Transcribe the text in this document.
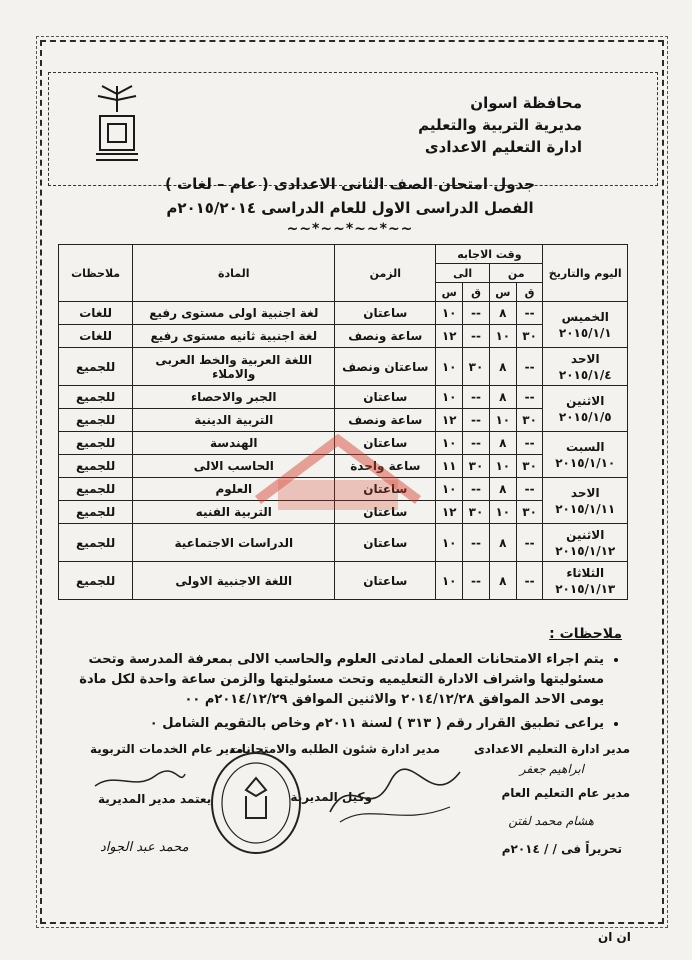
محافظة اسوان
مديرية التربية والتعليم
ادارة التعليم الاعدادى
جدول امتحان الصف الثانى الاعدادى ( عام – لغات )
الفصل الدراسى الاول للعام الدراسى ٢٠١٥/٢٠١٤م
~~*~~*~~*~~
اليوم والتاريخ	وقت الاجابه				الزمن	المادة	ملاحظات
	من		الى				
	ق	س	ق	س			

الخميس
٢٠١٥/١/١	--	٨	--	١٠	ساعتان	لغة اجنبية اولى مستوى رفيع	للغات
	٣٠	١٠	--	١٢	ساعة ونصف	لغة اجنبية ثانيه مستوى رفيع	للغات

الاحد
٢٠١٥/١/٤	--	٨	٣٠	١٠	ساعتان ونصف	اللغة العربية والخط العربى والاملاء	للجميع

الاثنين
٢٠١٥/١/٥	--	٨	--	١٠	ساعتان	الجبر والاحصاء	للجميع
	٣٠	١٠	--	١٢	ساعة ونصف	التربية الدينية	للجميع

السبت
٢٠١٥/١/١٠	--	٨	--	١٠	ساعتان	الهندسة	للجميع
	٣٠	١٠	٣٠	١١	ساعة واحدة	الحاسب الالى	للجميع

الاحد
٢٠١٥/١/١١	--	٨	--	١٠	ساعتان	العلوم	للجميع
	٣٠	١٠	٣٠	١٢	ساعتان	التربية الفنيه	للجميع

الاثنين
٢٠١٥/١/١٢	--	٨	--	١٠	ساعتان	الدراسات الاجتماعية	للجميع

الثلاثاء
٢٠١٥/١/١٣	--	٨	--	١٠	ساعتان	اللغة الاجنبية الاولى	للجميع
ملاحظات :
• يتم اجراء الامتحانات العملى لمادتى العلوم والحاسب الالى بمعرفة المدرسة وتحت مسئوليتها واشراف الادارة التعليميه وتحت مسئوليتها والزمن ساعة واحدة لكل مادة يومى الاحد الموافق ٢٠١٤/١٢/٢٨ والاثنين الموافق ٢٠١٤/١٢/٢٩م ٠٠
• يراعى تطبيق القرار رقم ( ٣١٣ ) لسنة ٢٠١١م وخاص بالتقويم الشامل ٠
مدير ادارة التعليم الاعدادى
ابراهيم جعفر
مدير عام التعليم العام
هشام محمد لفتن
تحريراً فى / / ٢٠١٤م
مدير ادارة شئون الطلبه والامتحانات
وكيل المديرية
مدير عام الخدمات التربوية
يعتمد مدير المديرية
محمد عبد الجواد
ان ان
